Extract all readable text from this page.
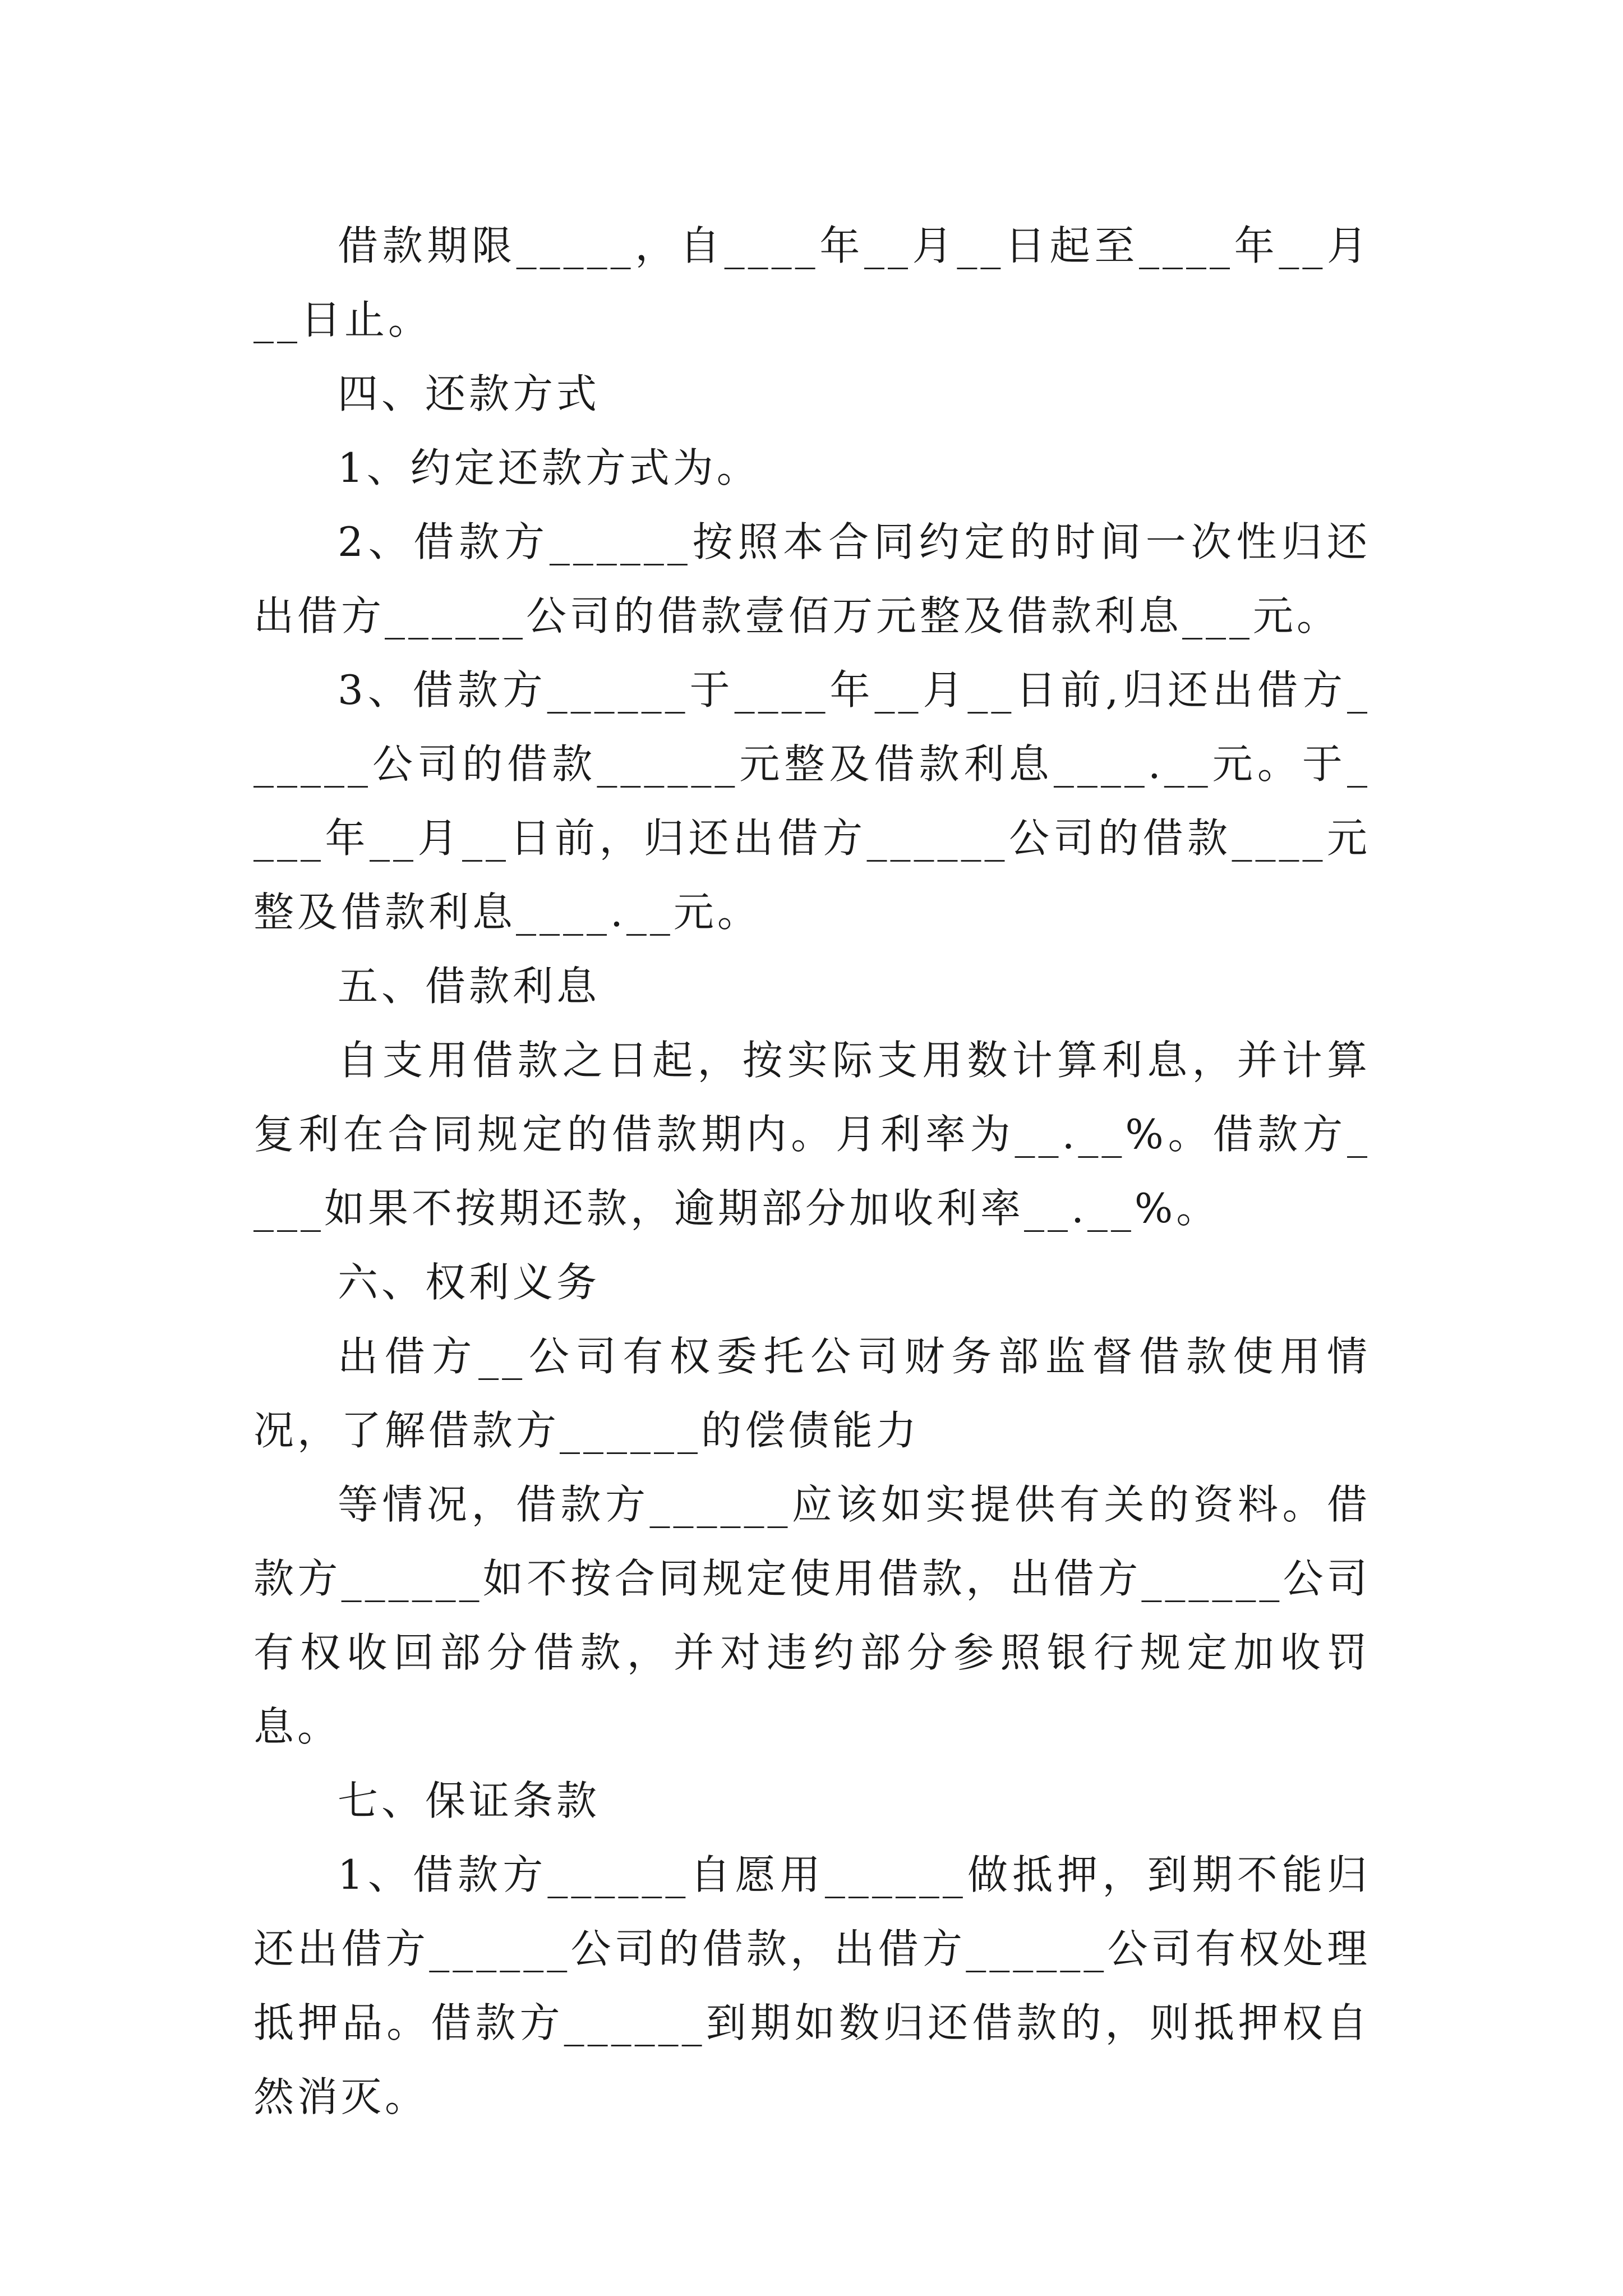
借款期限_____，自____年__月__日起至____年__月__日止。

四、还款方式

1、约定还款方式为。

2、借款方______按照本合同约定的时间一次性归还出借方______公司的借款壹佰万元整及借款利息___元。

3、借款方______于____年__月__日前,归还出借方______公司的借款______元整及借款利息____.__元。于____年__月__日前，归还出借方______公司的借款____元整及借款利息____.__元。

五、借款利息

自支用借款之日起，按实际支用数计算利息，并计算复利在合同规定的借款期内。月利率为__.__%。借款方____如果不按期还款，逾期部分加收利率__.__%。

六、权利义务

出借方__公司有权委托公司财务部监督借款使用情况，了解借款方______的偿债能力

等情况，借款方______应该如实提供有关的资料。借款方______如不按合同规定使用借款，出借方______公司有权收回部分借款，并对违约部分参照银行规定加收罚息。

七、保证条款

1、借款方______自愿用______做抵押，到期不能归还出借方______公司的借款，出借方______公司有权处理抵押品。借款方______到期如数归还借款的，则抵押权自然消灭。
